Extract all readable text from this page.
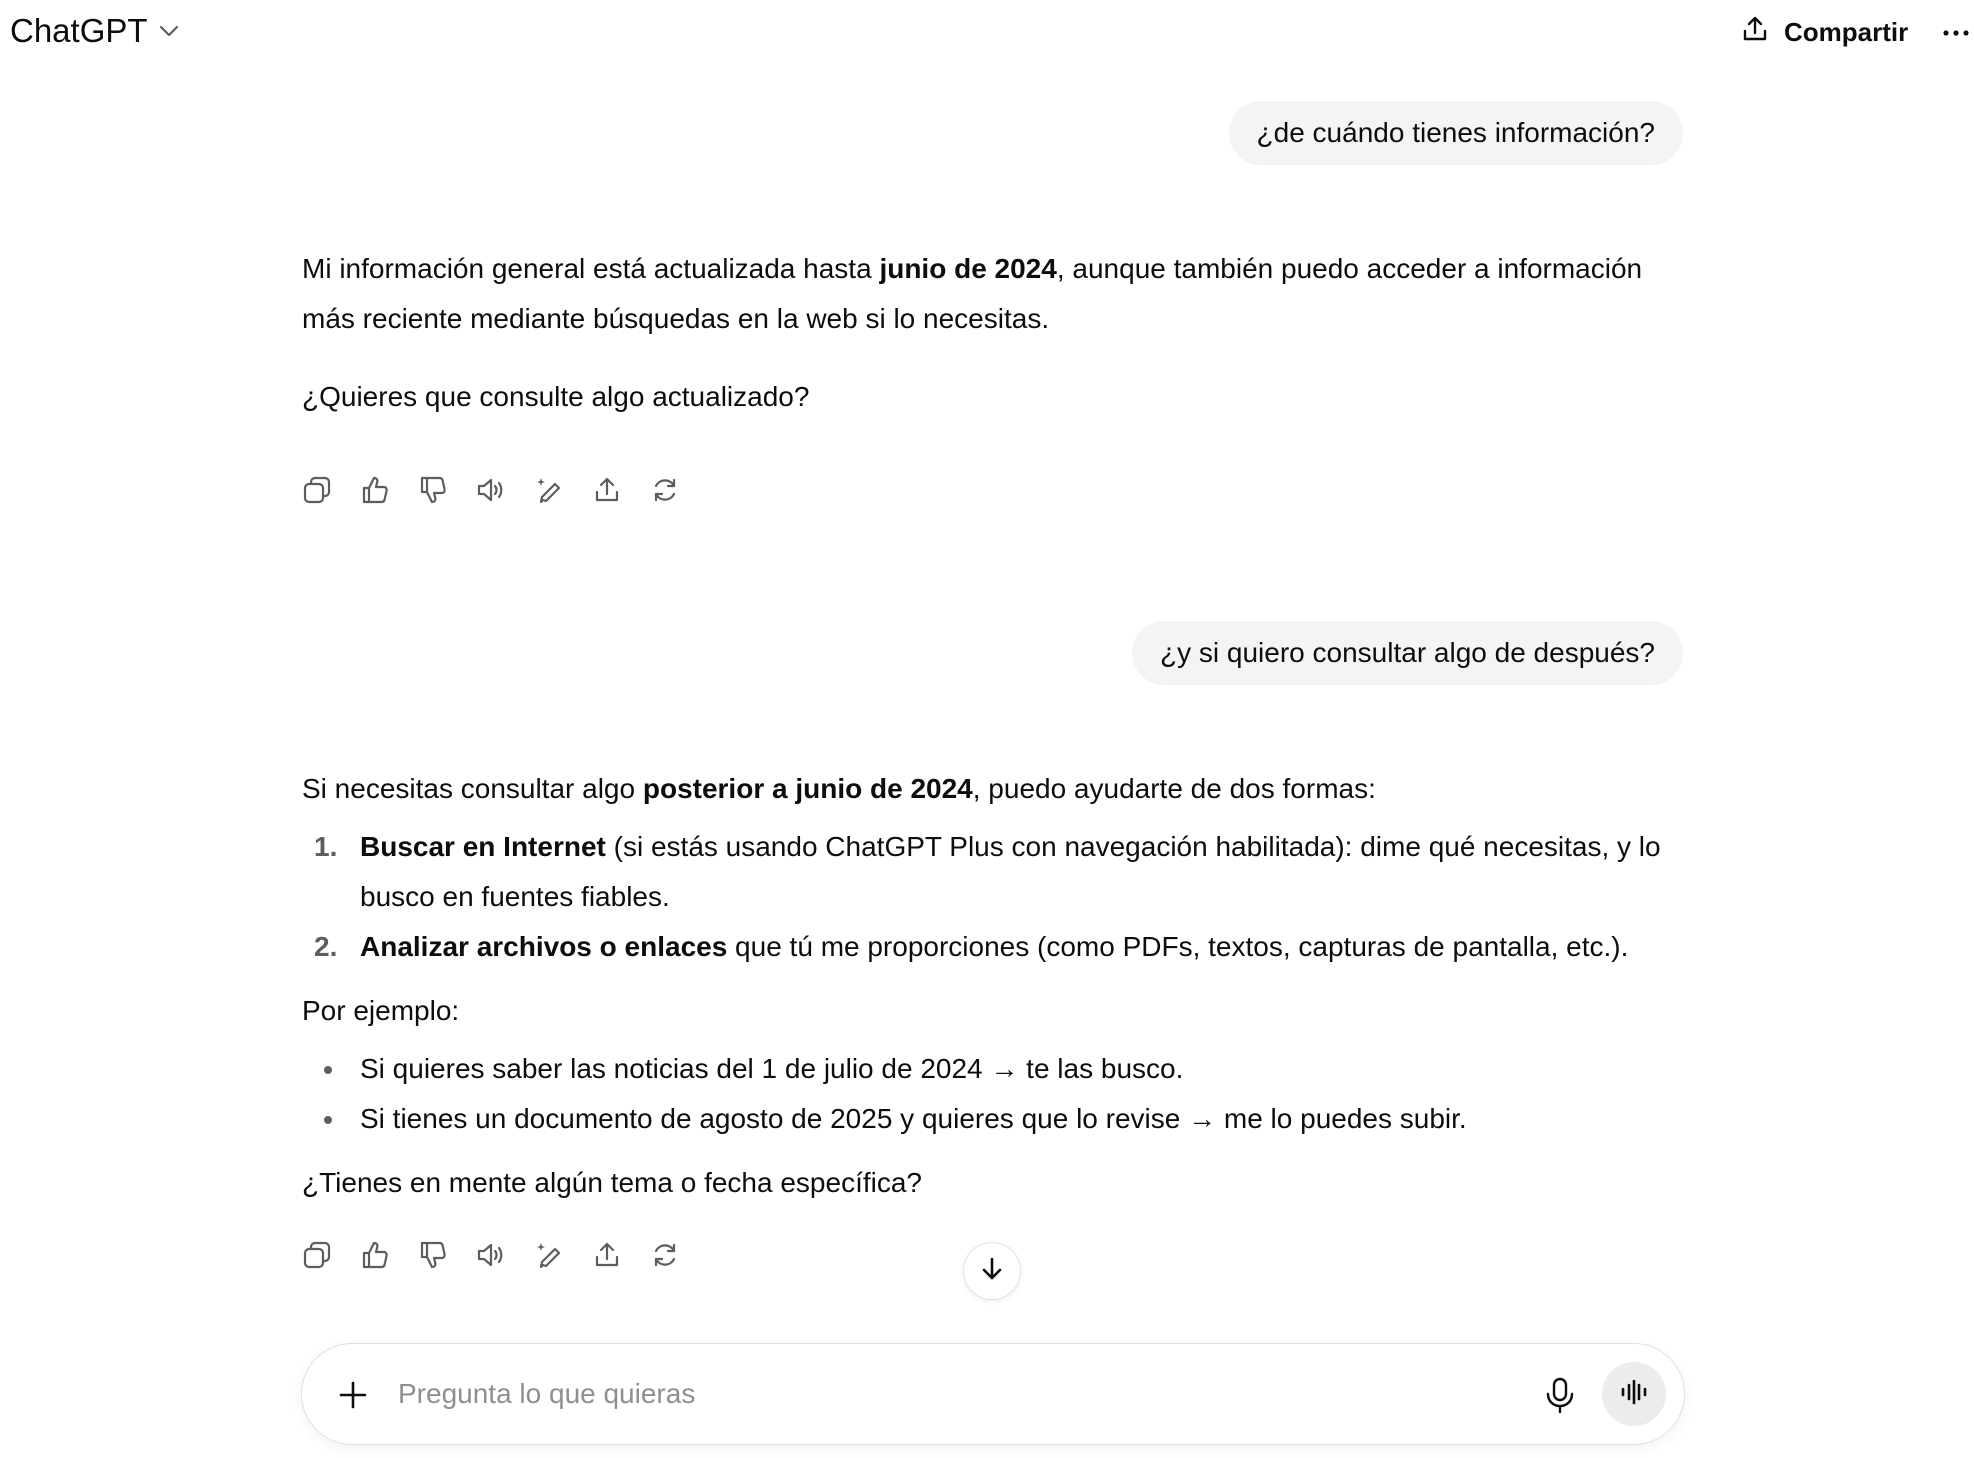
ChatGPT	Compartir
¿de cuándo tienes información?

Mi información general está actualizada hasta junio de 2024, aunque también puedo acceder a información más reciente mediante búsquedas en la web si lo necesitas.

¿Quieres que consulte algo actualizado?

¿y si quiero consultar algo de después?

Si necesitas consultar algo posterior a junio de 2024, puedo ayudarte de dos formas:

1. Buscar en Internet (si estás usando ChatGPT Plus con navegación habilitada): dime qué necesitas, y lo busco en fuentes fiables.
2. Analizar archivos o enlaces que tú me proporciones (como PDFs, textos, capturas de pantalla, etc.).

Por ejemplo:

Si quieres saber las noticias del 1 de julio de 2024 → te las busco.
Si tienes un documento de agosto de 2025 y quieres que lo revise → me lo puedes subir.

¿Tienes en mente algún tema o fecha específica?

Pregunta lo que quieras
